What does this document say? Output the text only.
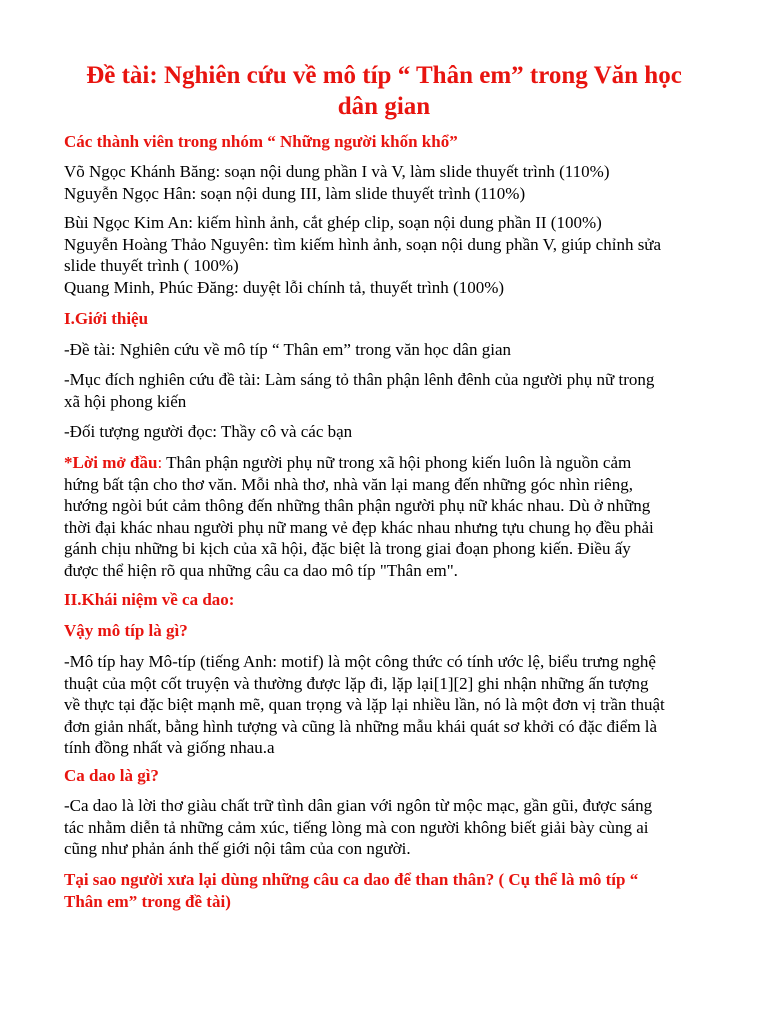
Đề tài: Nghiên cứu về mô típ “ Thân em” trong Văn học
dân gian

Các thành viên trong nhóm “ Những người khốn khổ”

Võ Ngọc Khánh Băng: soạn nội dung phần I và V, làm slide thuyết trình (110%)
Nguyễn Ngọc Hân: soạn nội dung III, làm slide thuyết trình (110%)

Bùi Ngọc Kim An: kiếm hình ảnh, cắt ghép clip, soạn nội dung phần II (100%)
Nguyễn Hoàng Thảo Nguyên: tìm kiếm hình ảnh, soạn nội dung phần V, giúp chỉnh sửa
slide thuyết trình ( 100%)
Quang Minh, Phúc Đăng: duyệt lỗi chính tả, thuyết trình (100%)

I.Giới thiệu

-Đề tài: Nghiên cứu về mô típ “ Thân em” trong văn học dân gian

-Mục đích nghiên cứu đề tài: Làm sáng tỏ thân phận lênh đênh của người phụ nữ trong
xã hội phong kiến

-Đối tượng người đọc: Thầy cô và các bạn

*Lời mở đầu: Thân phận người phụ nữ trong xã hội phong kiến luôn là nguồn cảm
hứng bất tận cho thơ văn. Mỗi nhà thơ, nhà văn lại mang đến những góc nhìn riêng,
hướng ngòi bút cảm thông đến những thân phận người phụ nữ khác nhau. Dù ở những
thời đại khác nhau người phụ nữ mang vẻ đẹp khác nhau nhưng tựu chung họ đều phải
gánh chịu những bi kịch của xã hội, đặc biệt là trong giai đoạn phong kiến. Điều ấy
được thể hiện rõ qua những câu ca dao mô típ "Thân em".

II.Khái niệm về ca dao:

Vậy mô típ là gì?

-Mô típ hay Mô-típ (tiếng Anh: motif) là một công thức có tính ước lệ, biểu trưng nghệ
thuật của một cốt truyện và thường được lặp đi, lặp lại[1][2] ghi nhận những ấn tượng
về thực tại đặc biệt mạnh mẽ, quan trọng và lặp lại nhiều lần, nó là một đơn vị trần thuật
đơn giản nhất, bằng hình tượng và cũng là những mẫu khái quát sơ khởi có đặc điểm là
tính đồng nhất và giống nhau.a

Ca dao là gì?

-Ca dao là lời thơ giàu chất trữ tình dân gian với ngôn từ mộc mạc, gần gũi, được sáng
tác nhằm diễn tả những cảm xúc, tiếng lòng mà con người không biết giải bày cùng ai
cũng như phản ánh thế giới nội tâm của con người.

Tại sao người xưa lại dùng những câu ca dao để than thân? ( Cụ thể là mô típ “
Thân em” trong đề tài)
